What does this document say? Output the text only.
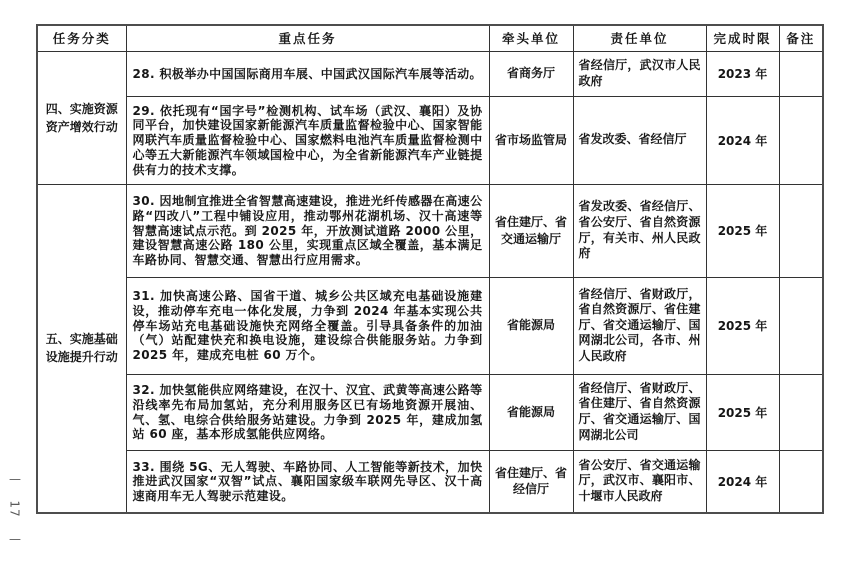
—
17
—
任务分类	重点任务	牵头单位	责任单位	完成时限	备注
四、实施资源资产增效行动	28. 积极举办中国国际商用车展、中国武汉国际汽车展等活动。	省商务厅	省经信厅，武汉市人民政府	2023 年	
	29. 依托现有“国字号”检测机构、试车场（武汉、襄阳）及协同平台，加快建设国家新能源汽车质量监督检验中心、国家智能网联汽车质量监督检验中心、国家燃料电池汽车质量监督检测中心等五大新能源汽车领域国检中心，为全省新能源汽车产业链提供有力的技术支撑。	省市场监管局	省发改委、省经信厅	2024 年	
五、实施基础设施提升行动	30. 因地制宜推进全省智慧高速建设，推进光纤传感器在高速公路“四改八”工程中铺设应用，推动鄂州花湖机场、汉十高速等智慧高速试点示范。到 2025 年，开放测试道路 2000 公里，建设智慧高速公路 180 公里，实现重点区域全覆盖，基本满足车路协同、智慧交通、智慧出行应用需求。	省住建厅、省交通运输厅	省发改委、省经信厅、省公安厅、省自然资源厅，有关市、州人民政府	2025 年	
	31. 加快高速公路、国省干道、城乡公共区域充电基础设施建设，推动停车充电一体化发展，力争到 2024 年基本实现公共停车场站充电基础设施快充网络全覆盖。引导具备条件的加油（气）站配建快充和换电设施，建设综合供能服务站。力争到 2025 年，建成充电桩 60 万个。	省能源局	省经信厅、省财政厅，省自然资源厅、省住建厅、省交通运输厅、国网湖北公司，各市、州人民政府	2025 年	
	32. 加快氢能供应网络建设，在汉十、汉宜、武黄等高速公路等沿线率先布局加氢站，充分利用服务区已有场地资源开展油、气、氢、电综合供给服务站建设。力争到 2025 年，建成加氢站 60 座，基本形成氢能供应网络。	省能源局	省经信厅、省财政厅、省住建厅、省自然资源厅、省交通运输厅、国网湖北公司	2025 年	
	33. 围绕 5G、无人驾驶、车路协同、人工智能等新技术，加快推进武汉国家“双智”试点、襄阳国家级车联网先导区、汉十高速商用车无人驾驶示范建设。	省住建厅、省经信厅	省公安厅、省交通运输厅，武汉市、襄阳市、十堰市人民政府	2024 年	
